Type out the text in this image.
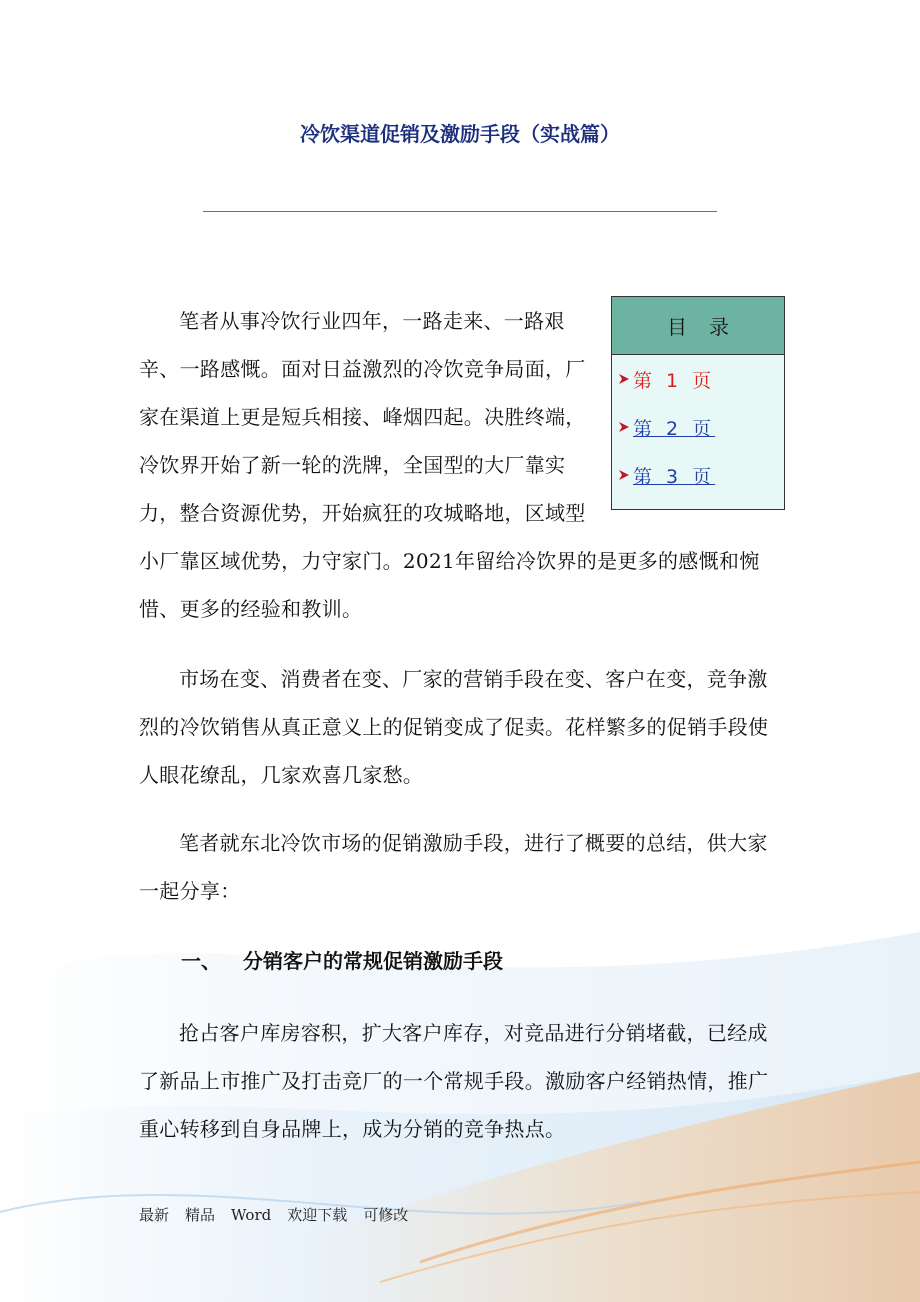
冷饮渠道促销及激励手段（实战篇）

笔者从事冷饮行业四年，一路走来、一路艰辛、一路感慨。面对日益激烈的冷饮竞争局面，厂家在渠道上更是短兵相接、峰烟四起。决胜终端，冷饮界开始了新一轮的洗牌，全国型的大厂靠实力，整合资源优势，开始疯狂的攻城略地，区域型小厂靠区域优势，力守家门。2021年留给冷饮界的是更多的感慨和惋惜、更多的经验和教训。

目录
第 1 页
第 2 页
第 3 页

市场在变、消费者在变、厂家的营销手段在变、客户在变，竞争激烈的冷饮销售从真正意义上的促销变成了促卖。花样繁多的促销手段使人眼花缭乱，几家欢喜几家愁。

笔者就东北冷饮市场的促销激励手段，进行了概要的总结，供大家一起分享：

一、 分销客户的常规促销激励手段

抢占客户库房容积，扩大客户库存，对竞品进行分销堵截，已经成了新品上市推广及打击竞厂的一个常规手段。激励客户经销热情，推广重心转移到自身品牌上，成为分销的竞争热点。

最新 精品 Word 欢迎下载 可修改
